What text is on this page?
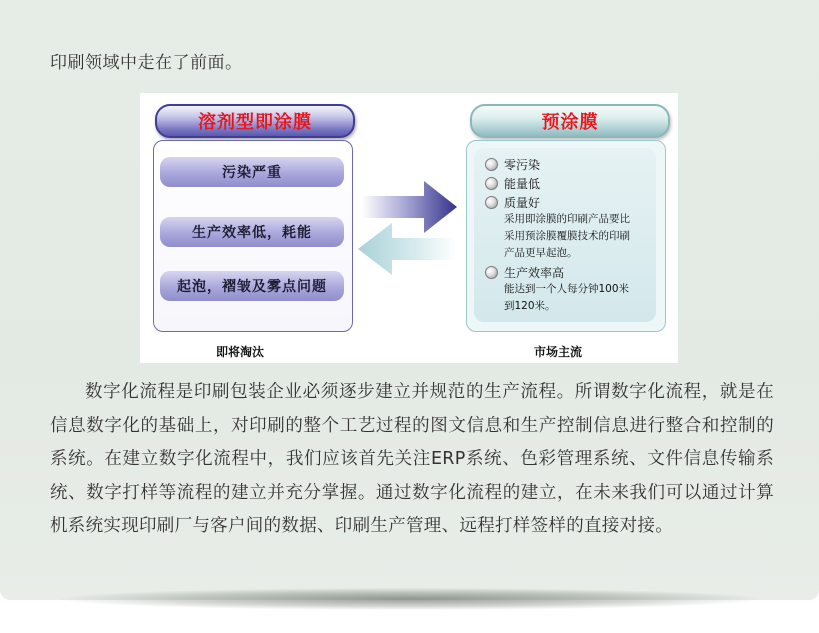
印刷领域中走在了前面。
溶剂型即涂膜
污染严重
生产效率低，耗能
起泡，褶皱及雾点问题
预涂膜
零污染
能量低
质量好
采用即涂膜的印刷产品要比
采用预涂膜覆膜技术的印刷
产品更早起泡。
生产效率高
能达到一个人每分钟100米
到120米。
即将淘汰	市场主流
数字化流程是印刷包装企业必须逐步建立并规范的生产流程。所谓数字化流程，就是在信息数字化的基础上，对印刷的整个工艺过程的图文信息和生产控制信息进行整合和控制的系统。在建立数字化流程中，我们应该首先关注ERP系统、色彩管理系统、文件信息传输系统、数字打样等流程的建立并充分掌握。通过数字化流程的建立，在未来我们可以通过计算机系统实现印刷厂与客户间的数据、印刷生产管理、远程打样签样的直接对接。
